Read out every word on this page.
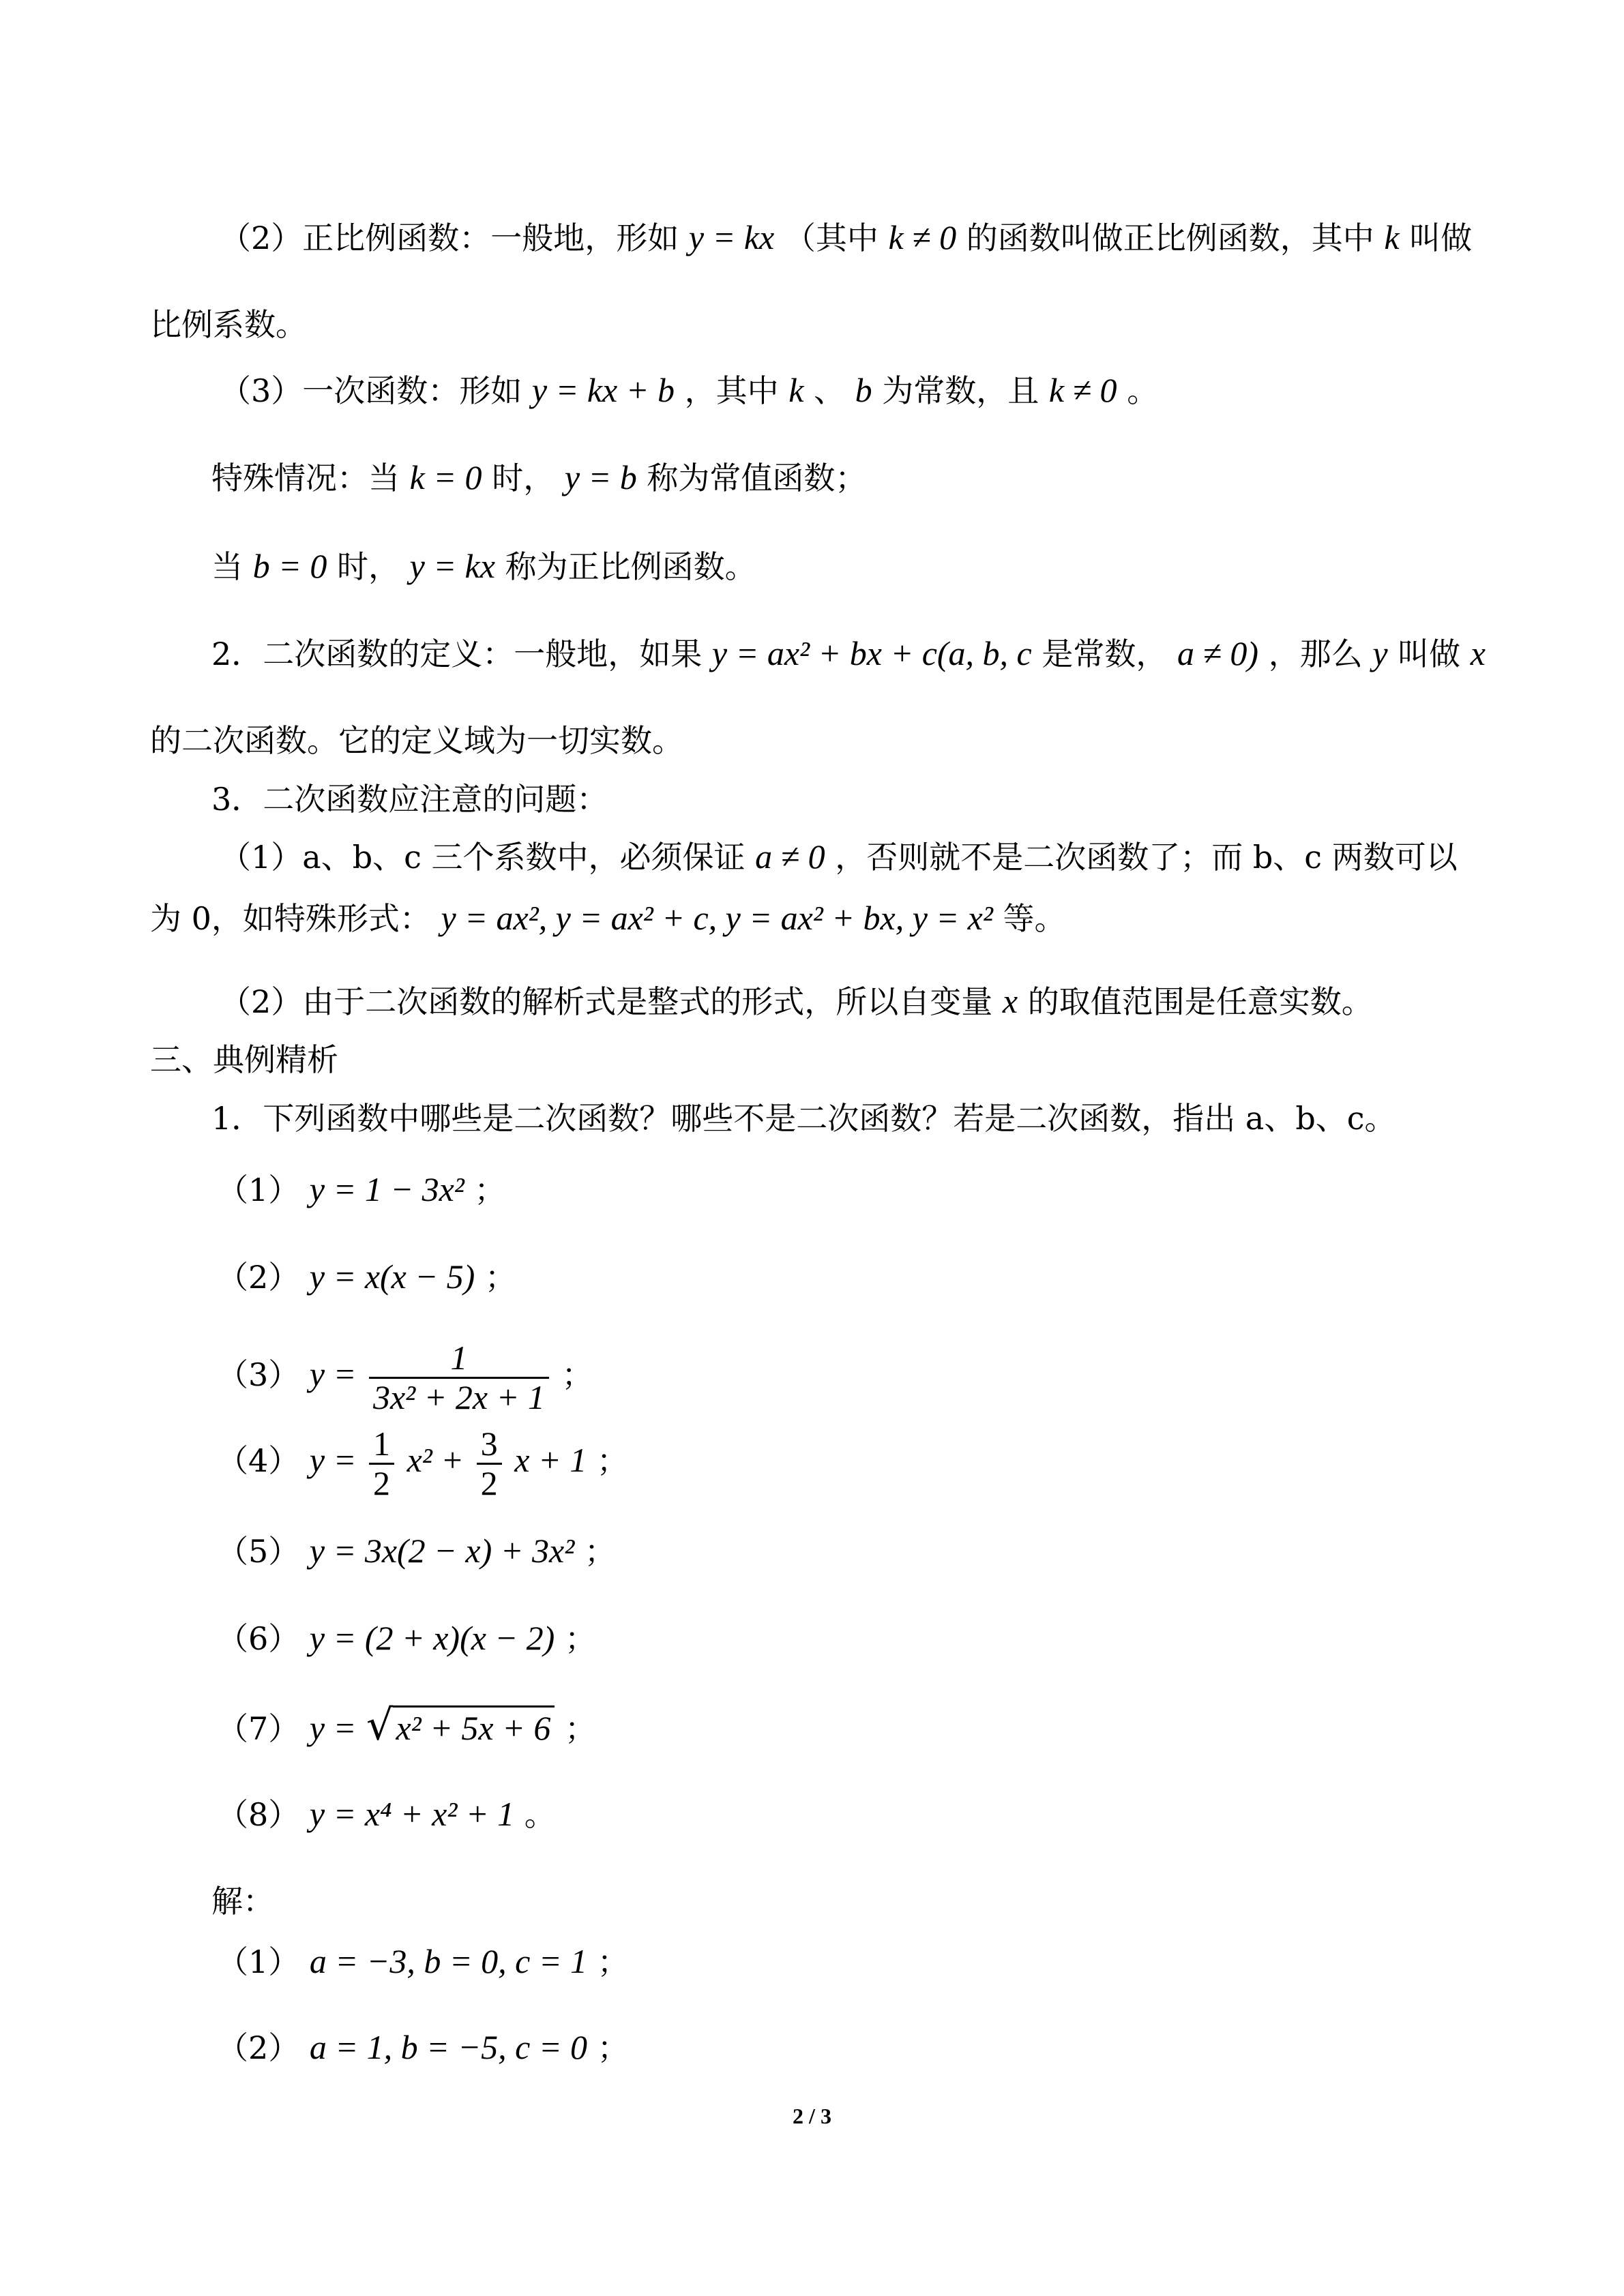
（2）正比例函数：一般地，形如 y = kx （其中 k ≠ 0 的函数叫做正比例函数，其中 k 叫做
比例系数。
（3）一次函数：形如 y = kx + b ，其中 k 、 b 为常数，且 k ≠ 0 。
特殊情况：当 k = 0 时， y = b 称为常值函数；
当 b = 0 时， y = kx 称为正比例函数。
2．二次函数的定义：一般地，如果 y = ax² + bx + c(a, b, c 是常数， a ≠ 0) ，那么 y 叫做 x
的二次函数。它的定义域为一切实数。
3．二次函数应注意的问题：
（1）a、b、c 三个系数中，必须保证 a ≠ 0 ，否则就不是二次函数了；而 b、c 两数可以
为 0，如特殊形式： y = ax², y = ax² + c, y = ax² + bx, y = x² 等。
（2）由于二次函数的解析式是整式的形式，所以自变量 x 的取值范围是任意实数。
三、典例精析
1．下列函数中哪些是二次函数？哪些不是二次函数？若是二次函数，指出 a、b、c。
（1） y = 1 − 3x² ；
（2） y = x(x − 5) ；
（3） $y = \frac{1}{\text{3x² + 2x + 1}}$ ；
（4） $y = \frac{1}{2} x^2 + \frac{3}{2}$ x + 1 ；
（5） y = 3x(2 − x) + 3x² ；
（6） y = (2 + x)(x − 2) ；
（7） y = √x² + 5x + 6 ；
（8） y = x⁴ + x² + 1 。
解：
（1） a = −3, b = 0, c = 1 ；
（2） a = 1, b = −5, c = 0 ；
2 / 3
